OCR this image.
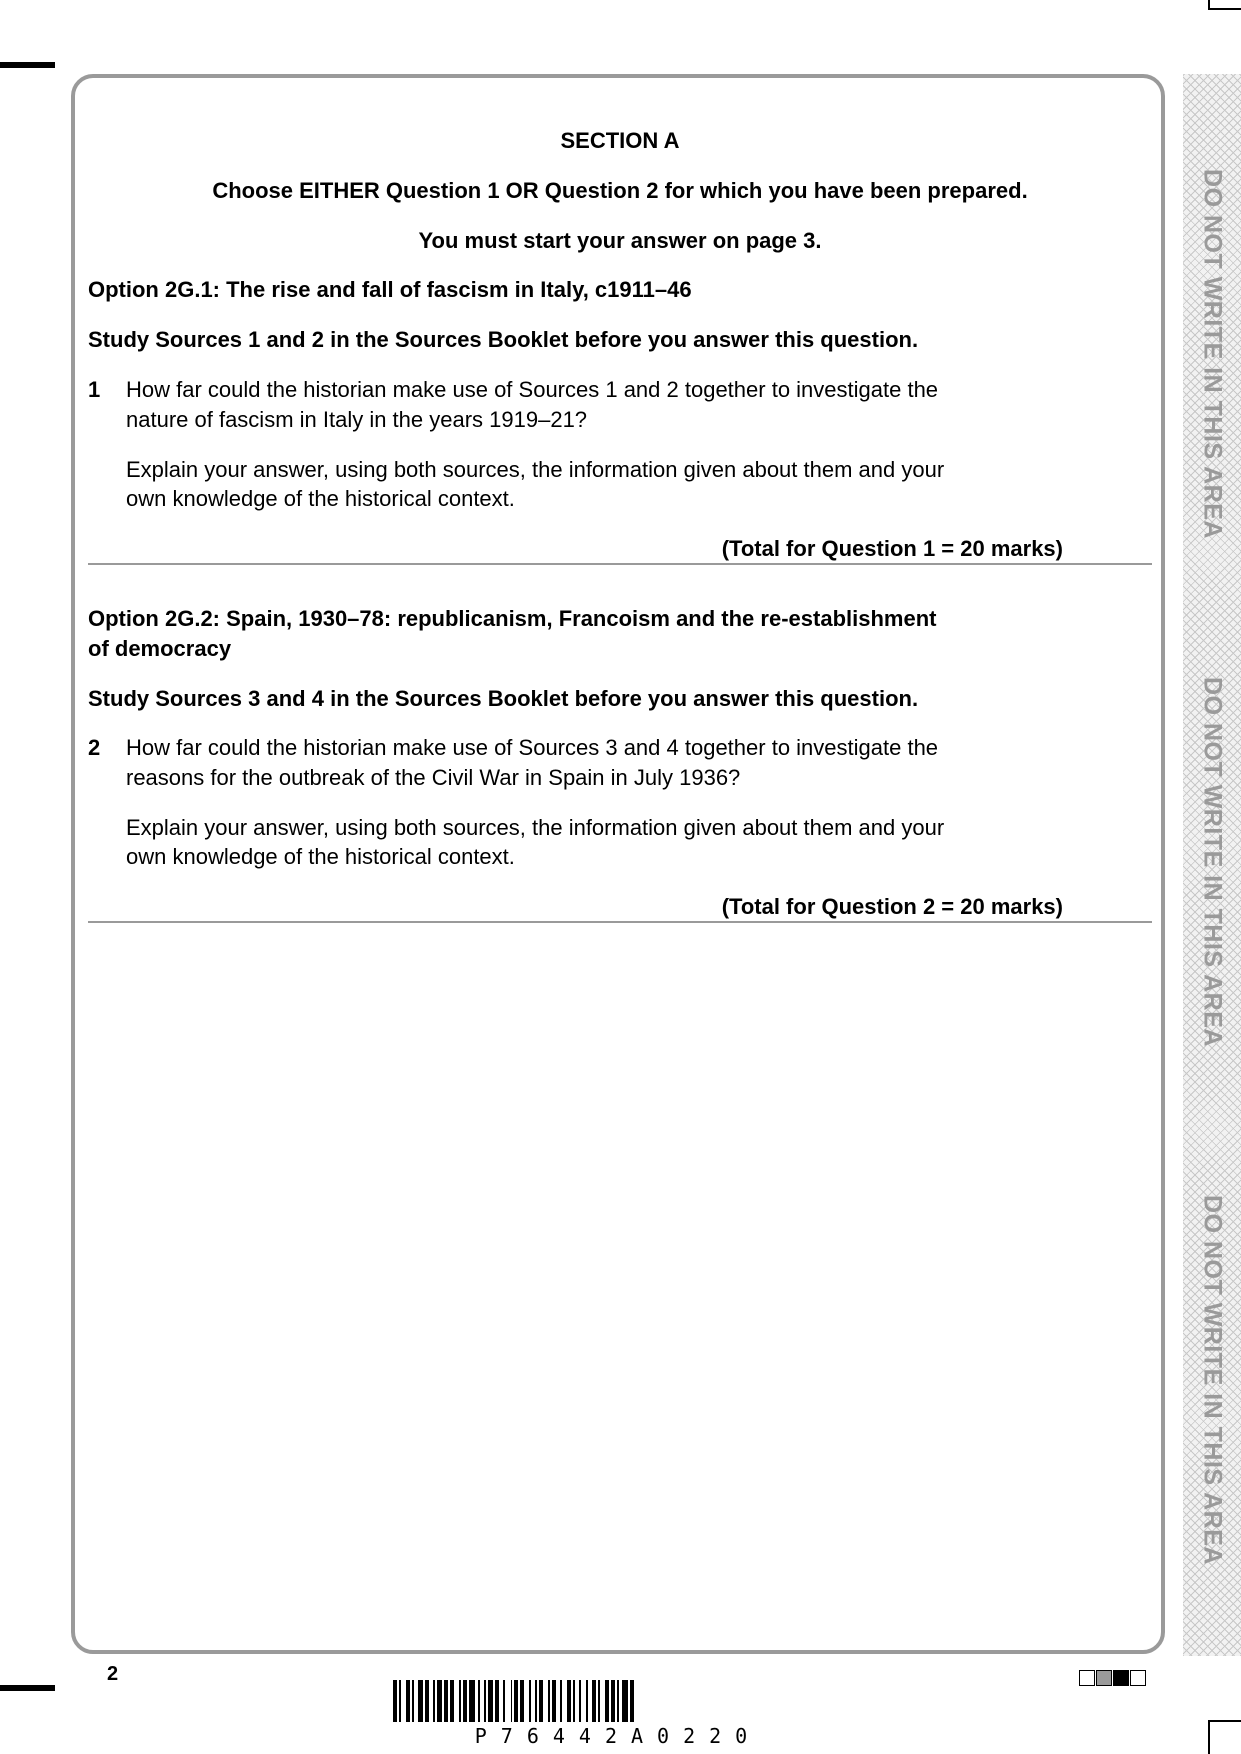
SECTION A
Choose EITHER Question 1 OR Question 2 for which you have been prepared.
You must start your answer on page 3.
Option 2G.1: The rise and fall of fascism in Italy, c1911–46
Study Sources 1 and 2 in the Sources Booklet before you answer this question.
1 How far could the historian make use of Sources 1 and 2 together to investigate the
nature of fascism in Italy in the years 1919–21?
Explain your answer, using both sources, the information given about them and your
own knowledge of the historical context.
(Total for Question 1 = 20 marks)
Option 2G.2: Spain, 1930–78: republicanism, Francoism and the re-establishment
of democracy
Study Sources 3 and 4 in the Sources Booklet before you answer this question.
2 How far could the historian make use of Sources 3 and 4 together to investigate the
reasons for the outbreak of the Civil War in Spain in July 1936?
Explain your answer, using both sources, the information given about them and your
own knowledge of the historical context.
(Total for Question 2 = 20 marks)
DO NOT WRITE IN THIS AREA
DO NOT WRITE IN THIS AREA
DO NOT WRITE IN THIS AREA
2
P76442A0220
